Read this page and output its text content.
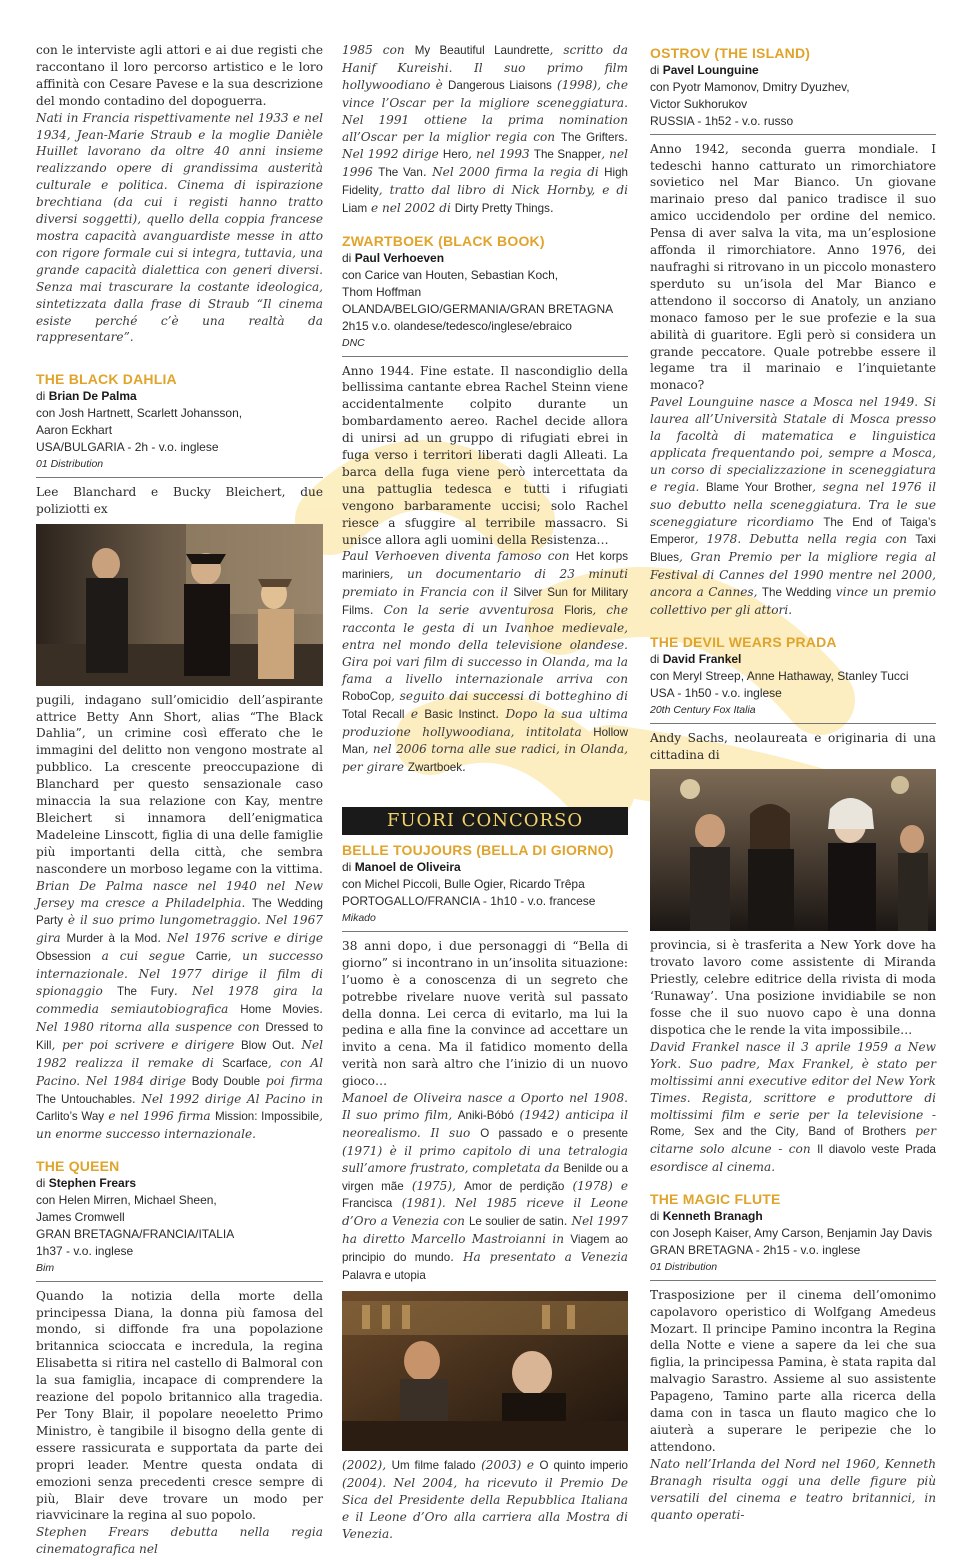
con le interviste agli attori e ai due registi che raccontano il loro percorso artistico e le loro affinità con Cesare Pavese e la sua descrizione del mondo contadino del dopoguerra.

Nati in Francia rispettivamente nel 1933 e nel 1934, Jean-Marie Straub e la moglie Danièle Huillet lavorano da oltre 40 anni insieme realizzando opere di grandissima austerità culturale e politica. Cinema di ispirazione brechtiana (da cui i registi hanno tratto diversi soggetti), quello della coppia francese mostra capacità avanguardiste messe in atto con rigore formale cui si integra, tuttavia, una grande capacità dialettica con generi diversi. Senza mai trascurare la costante ideologica, sintetizzata dalla frase di Straub “Il cinema esiste perché c’è una realtà da rappresentare”.

THE BLACK DAHLIA
di Brian De Palma
con Josh Hartnett, Scarlett Johansson,
Aaron Eckhart
USA/BULGARIA - 2h - v.o. inglese
01 Distribution

Lee Blanchard e Bucky Bleichert, due poliziotti ex

pugili, indagano sull’omicidio dell’aspirante attrice Betty Ann Short, alias “The Black Dahlia”, un crimine così efferato che le immagini del delitto non vengono mostrate al pubblico. La crescente preoccupazione di Blanchard per questo sensazionale caso minaccia la sua relazione con Kay, mentre Bleichert si innamora dell’enigmatica Madeleine Linscott, figlia di una delle famiglie più importanti della città, che sembra nascondere un morboso legame con la vittima.

Brian De Palma nasce nel 1940 nel New Jersey ma cresce a Philadelphia. The Wedding Party è il suo primo lungometraggio. Nel 1967 gira Murder à la Mod. Nel 1976 scrive e dirige Obsession a cui segue Carrie, un successo internazionale. Nel 1977 dirige il film di spionaggio The Fury. Nel 1978 gira la commedia semiautobiografica Home Movies. Nel 1980 ritorna alla suspence con Dressed to Kill, per poi scrivere e dirigere Blow Out. Nel 1982 realizza il remake di Scarface, con Al Pacino. Nel 1984 dirige Body Double poi firma The Untouchables. Nel 1992 dirige Al Pacino in Carlito’s Way e nel 1996 firma Mission: Impossibile, un enorme successo internazionale.

THE QUEEN
di Stephen Frears
con Helen Mirren, Michael Sheen,
James Cromwell
GRAN BRETAGNA/FRANCIA/ITALIA
1h37 - v.o. inglese
Bim

Quando la notizia della morte della principessa Diana, la donna più famosa del mondo, si diffonde fra una popolazione britannica scioccata e incredula, la regina Elisabetta si ritira nel castello di Balmoral con la sua famiglia, incapace di comprendere la reazione del popolo britannico alla tragedia. Per Tony Blair, il popolare neoeletto Primo Ministro, è tangibile il bisogno della gente di essere rassicurata e supportata da parte dei propri leader. Mentre questa ondata di emozioni senza precedenti cresce sempre di più, Blair deve trovare un modo per riavvicinare la regina al suo popolo.

Stephen Frears debutta nella regia cinematografica nel

1985 con My Beautiful Laundrette, scritto da Hanif Kureishi. Il suo primo film hollywoodiano è Dangerous Liaisons (1998), che vince l’Oscar per la migliore sceneggiatura. Nel 1991 ottiene la prima nomination all’Oscar per la miglior regia con The Grifters. Nel 1992 dirige Hero, nel 1993 The Snapper, nel 1996 The Van. Nel 2000 firma la regia di High Fidelity, tratto dal libro di Nick Hornby, e di Liam e nel 2002 di Dirty Pretty Things.

ZWARTBOEK (BLACK BOOK)
di Paul Verhoeven
con Carice van Houten, Sebastian Koch,
Thom Hoffman
OLANDA/BELGIO/GERMANIA/GRAN BRETAGNA
2h15 v.o. olandese/tedesco/inglese/ebraico
DNC

Anno 1944. Fine estate. Il nascondiglio della bellissima cantante ebrea Rachel Steinn viene accidentalmente colpito durante un bombardamento aereo. Rachel decide allora di unirsi ad un gruppo di rifugiati ebrei in fuga verso i territori liberati dagli Alleati. La barca della fuga viene però intercettata da una pattuglia tedesca e tutti i rifugiati vengono barbaramente uccisi; solo Rachel riesce a sfuggire al terribile massacro. Si unisce allora agli uomini della Resistenza…

Paul Verhoeven diventa famoso con Het korps mariniers, un documentario di 23 minuti premiato in Francia con il Silver Sun for Military Films. Con la serie avventurosa Floris, che racconta le gesta di un Ivanhoe medievale, entra nel mondo della televisione olandese. Gira poi vari film di successo in Olanda, ma la fama a livello internazionale arriva con RoboCop, seguito dai successi di botteghino di Total Recall e Basic Instinct. Dopo la sua ultima produzione hollywoodiana, intitolata Hollow Man, nel 2006 torna alle sue radici, in Olanda, per girare Zwartboek.

FUORI CONCORSO
BELLE TOUJOURS (BELLA DI GIORNO)
di Manoel de Oliveira
con Michel Piccoli, Bulle Ogier, Ricardo Trêpa
PORTOGALLO/FRANCIA - 1h10 - v.o. francese
Mikado

38 anni dopo, i due personaggi di “Bella di giorno” si incontrano in un’insolita situazione: l’uomo è a conoscenza di un segreto che potrebbe rivelare nuove verità sul passato della donna. Lei cerca di evitarlo, ma lui la pedina e alla fine la convince ad accettare un invito a cena. Ma il fatidico momento della verità non sarà altro che l’inizio di un nuovo gioco…

Manoel de Oliveira nasce a Oporto nel 1908. Il suo primo film, Aniki-Bóbó (1942) anticipa il neorealismo. Il suo O passado e o presente (1971) è il primo capitolo di una tetralogia sull’amore frustrato, completata da Benilde ou a virgen mãe (1975), Amor de perdição (1978) e Francisca (1981). Nel 1985 riceve il Leone d’Oro a Venezia con Le soulier de satin. Nel 1997 ha diretto Marcello Mastroianni in Viagem ao principio do mundo. Ha presentato a Venezia Palavra e utopia

(2002), Um filme falado (2003) e O quinto imperio (2004). Nel 2004, ha ricevuto il Premio De Sica del Presidente della Repubblica Italiana e il Leone d’Oro alla carriera alla Mostra di Venezia.

OSTROV (THE ISLAND)
di Pavel Lounguine
con Pyotr Mamonov, Dmitry Dyuzhev,
Victor Sukhorukov
RUSSIA - 1h52 - v.o. russo

Anno 1942, seconda guerra mondiale. I tedeschi hanno catturato un rimorchiatore sovietico nel Mar Bianco. Un giovane marinaio preso dal panico tradisce il suo amico uccidendolo per ordine del nemico. Pensa di aver salva la vita, ma un’esplosione affonda il rimorchiatore. Anno 1976, dei naufraghi si ritrovano in un piccolo monastero sperduto su un’isola del Mar Bianco e attendono il soccorso di Anatoly, un anziano monaco famoso per le sue profezie e la sua abilità di guaritore. Egli però si considera un grande peccatore. Quale potrebbe essere il legame tra il marinaio e l’inquietante monaco?

Pavel Lounguine nasce a Mosca nel 1949. Si laurea all’Università Statale di Mosca presso la facoltà di matematica e linguistica applicata frequentando poi, sempre a Mosca, un corso di specializzazione in sceneggiatura e regia. Blame Your Brother, segna nel 1976 il suo debutto nella sceneggiatura. Tra le sue sceneggiature ricordiamo The End of Taiga’s Emperor, 1978. Debutta nella regia con Taxi Blues, Gran Premio per la migliore regia al Festival di Cannes del 1990 mentre nel 2000, ancora a Cannes, The Wedding vince un premio collettivo per gli attori.

THE DEVIL WEARS PRADA
di David Frankel
con Meryl Streep, Anne Hathaway, Stanley Tucci
USA - 1h50 - v.o. inglese
20th Century Fox Italia

Andy Sachs, neolaureata e originaria di una cittadina di

provincia, si è trasferita a New York dove ha trovato lavoro come assistente di Miranda Priestly, celebre editrice della rivista di moda ‘Runaway’. Una posizione invidiabile se non fosse che il suo nuovo capo è una donna dispotica che le rende la vita impossibile…

David Frankel nasce il 3 aprile 1959 a New York. Suo padre, Max Frankel, è stato per moltissimi anni executive editor del New York Times. Regista, scrittore e produttore di moltissimi film e serie per la televisione - Rome, Sex and the City, Band of Brothers per citarne solo alcune - con Il diavolo veste Prada esordisce al cinema.

THE MAGIC FLUTE
di Kenneth Branagh
con Joseph Kaiser, Amy Carson, Benjamin Jay Davis
GRAN BRETAGNA - 2h15 - v.o. inglese
01 Distribution

Trasposizione per il cinema dell’omonimo capolavoro operistico di Wolfgang Amedeus Mozart. Il principe Pamino incontra la Regina della Notte e viene a sapere da lei che sua figlia, la principessa Pamina, è stata rapita dal malvagio Sarastro. Assieme al suo assistente Papageno, Tamino parte alla ricerca della dama con in tasca un flauto magico che lo aiuterà a superare le peripezie che lo attendono.

Nato nell’Irlanda del Nord nel 1960, Kenneth Branagh risulta oggi una delle figure più versatili del cinema e teatro britannici, in quanto operati-
